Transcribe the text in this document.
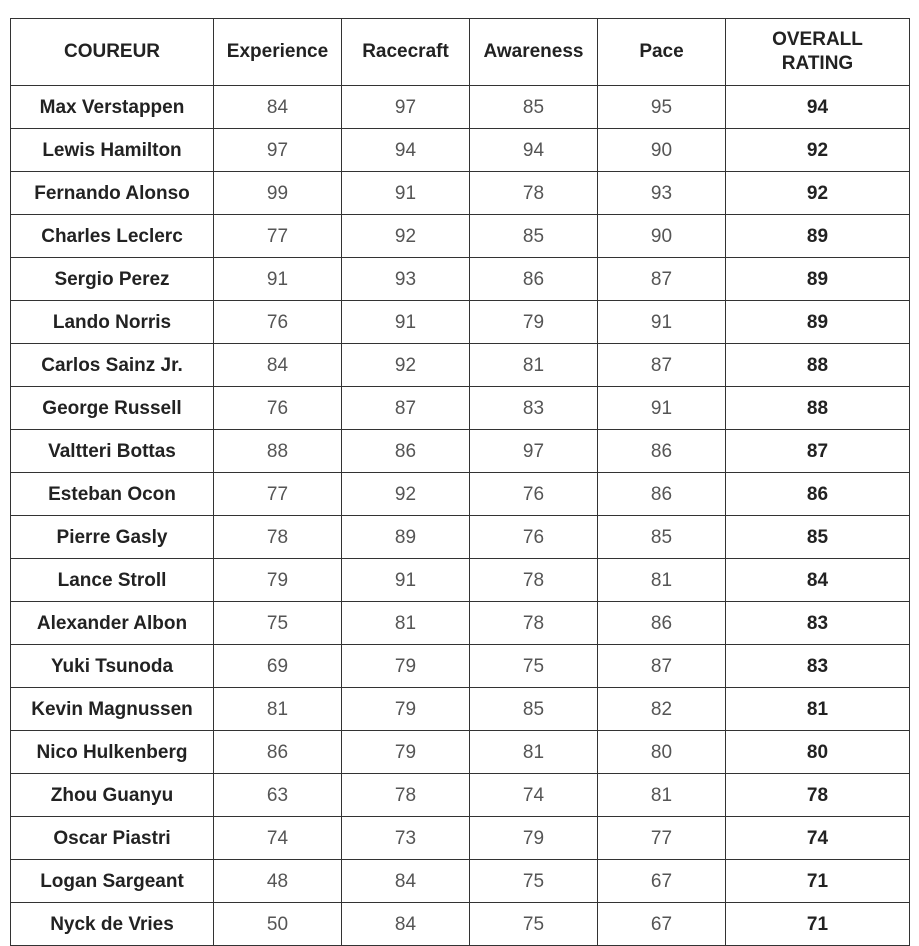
COUREUR	Experience	Racecraft	Awareness	Pace	OVERALL
RATING

Max Verstappen	84	97	85	95	94
Lewis Hamilton	97	94	94	90	92
Fernando Alonso	99	91	78	93	92
Charles Leclerc	77	92	85	90	89
Sergio Perez	91	93	86	87	89
Lando Norris	76	91	79	91	89
Carlos Sainz Jr.	84	92	81	87	88
George Russell	76	87	83	91	88
Valtteri Bottas	88	86	97	86	87
Esteban Ocon	77	92	76	86	86
Pierre Gasly	78	89	76	85	85
Lance Stroll	79	91	78	81	84
Alexander Albon	75	81	78	86	83
Yuki Tsunoda	69	79	75	87	83
Kevin Magnussen	81	79	85	82	81
Nico Hulkenberg	86	79	81	80	80
Zhou Guanyu	63	78	74	81	78
Oscar Piastri	74	73	79	77	74
Logan Sargeant	48	84	75	67	71
Nyck de Vries	50	84	75	67	71
